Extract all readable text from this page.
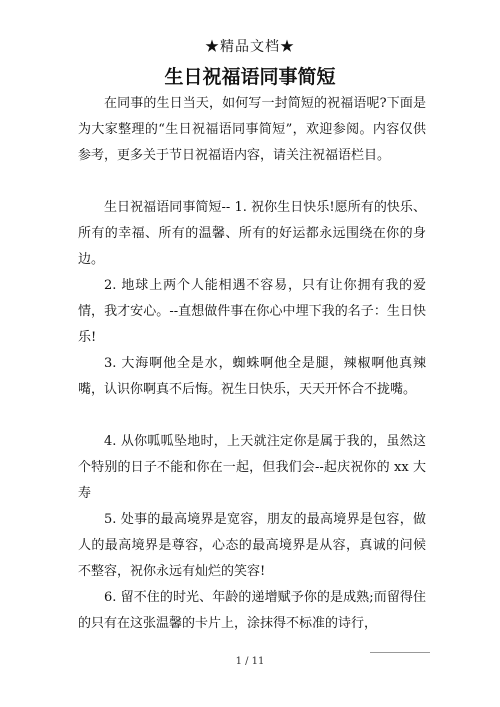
★精品文档★
生日祝福语同事简短

在同事的生日当天，如何写一封简短的祝福语呢?下面是为大家整理的“生日祝福语同事简短”，欢迎参阅。内容仅供参考，更多关于节日祝福语内容，请关注祝福语栏目。

生日祝福语同事简短-- 1. 祝你生日快乐!愿所有的快乐、所有的幸福、所有的温馨、所有的好运都永远围绕在你的身边。

2. 地球上两个人能相遇不容易，只有让你拥有我的爱情，我才安心。--直想做件事在你心中埋下我的名子：生日快乐!

3. 大海啊他全是水，蜘蛛啊他全是腿，辣椒啊他真辣嘴，认识你啊真不后悔。祝生日快乐，天天开怀合不拢嘴。

4. 从你呱呱坠地时，上天就注定你是属于我的，虽然这个特别的日子不能和你在一起，但我们会--起庆祝你的 xx 大寿

5. 处事的最高境界是宽容，朋友的最高境界是包容，做人的最高境界是尊容，心态的最高境界是从容，真诚的问候不整容，祝你永远有灿烂的笑容!

6. 留不住的时光、年龄的递增赋予你的是成熟;而留得住的只有在这张温馨的卡片上，涂抹得不标准的诗行，

1 / 11
